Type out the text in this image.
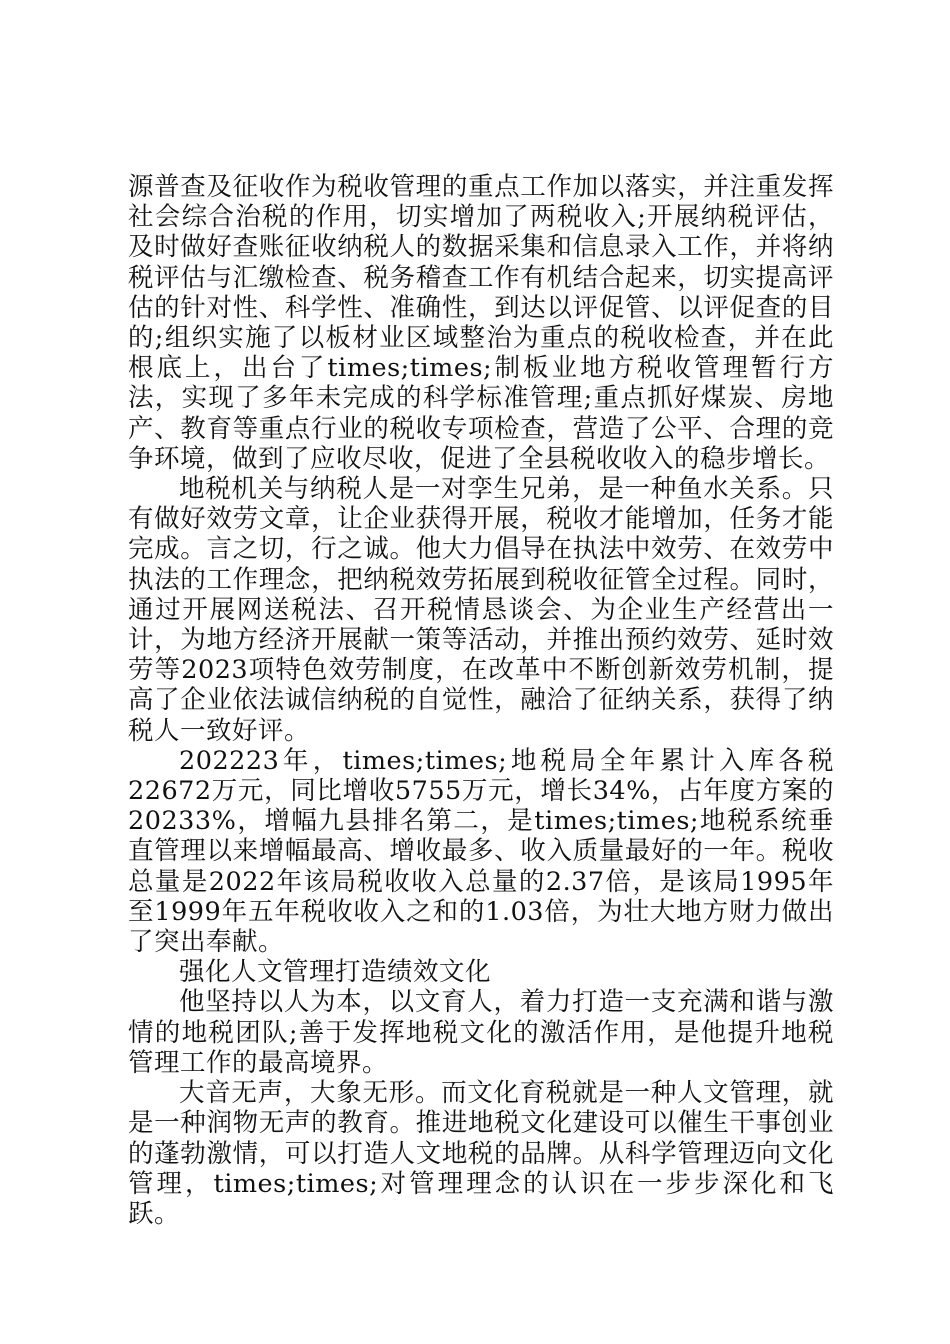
源普查及征收作为税收管理的重点工作加以落实，并注重发挥社会综合治税的作用，切实增加了两税收入;开展纳税评估，及时做好查账征收纳税人的数据采集和信息录入工作，并将纳税评估与汇缴检查、税务稽查工作有机结合起来，切实提高评估的针对性、科学性、准确性，到达以评促管、以评促查的目的;组织实施了以板材业区域整治为重点的税收检查，并在此根底上，出台了times;times;制板业地方税收管理暂行方法，实现了多年未完成的科学标准管理;重点抓好煤炭、房地产、教育等重点行业的税收专项检查，营造了公平、合理的竞争环境，做到了应收尽收，促进了全县税收收入的稳步增长。

地税机关与纳税人是一对孪生兄弟，是一种鱼水关系。只有做好效劳文章，让企业获得开展，税收才能增加，任务才能完成。言之切，行之诚。他大力倡导在执法中效劳、在效劳中执法的工作理念，把纳税效劳拓展到税收征管全过程。同时，通过开展网送税法、召开税情恳谈会、为企业生产经营出一计，为地方经济开展献一策等活动，并推出预约效劳、延时效劳等2023项特色效劳制度，在改革中不断创新效劳机制，提高了企业依法诚信纳税的自觉性，融洽了征纳关系，获得了纳税人一致好评。

202223年，times;times;地税局全年累计入库各税22672万元，同比增收5755万元，增长34%，占年度方案的20233%，增幅九县排名第二，是times;times;地税系统垂直管理以来增幅最高、增收最多、收入质量最好的一年。税收总量是2022年该局税收收入总量的2.37倍，是该局1995年至1999年五年税收收入之和的1.03倍，为壮大地方财力做出了突出奉献。

强化人文管理打造绩效文化

他坚持以人为本，以文育人，着力打造一支充满和谐与激情的地税团队;善于发挥地税文化的激活作用，是他提升地税管理工作的最高境界。

大音无声，大象无形。而文化育税就是一种人文管理，就是一种润物无声的教育。推进地税文化建设可以催生干事创业的蓬勃激情，可以打造人文地税的品牌。从科学管理迈向文化管理，times;times;对管理理念的认识在一步步深化和飞跃。
